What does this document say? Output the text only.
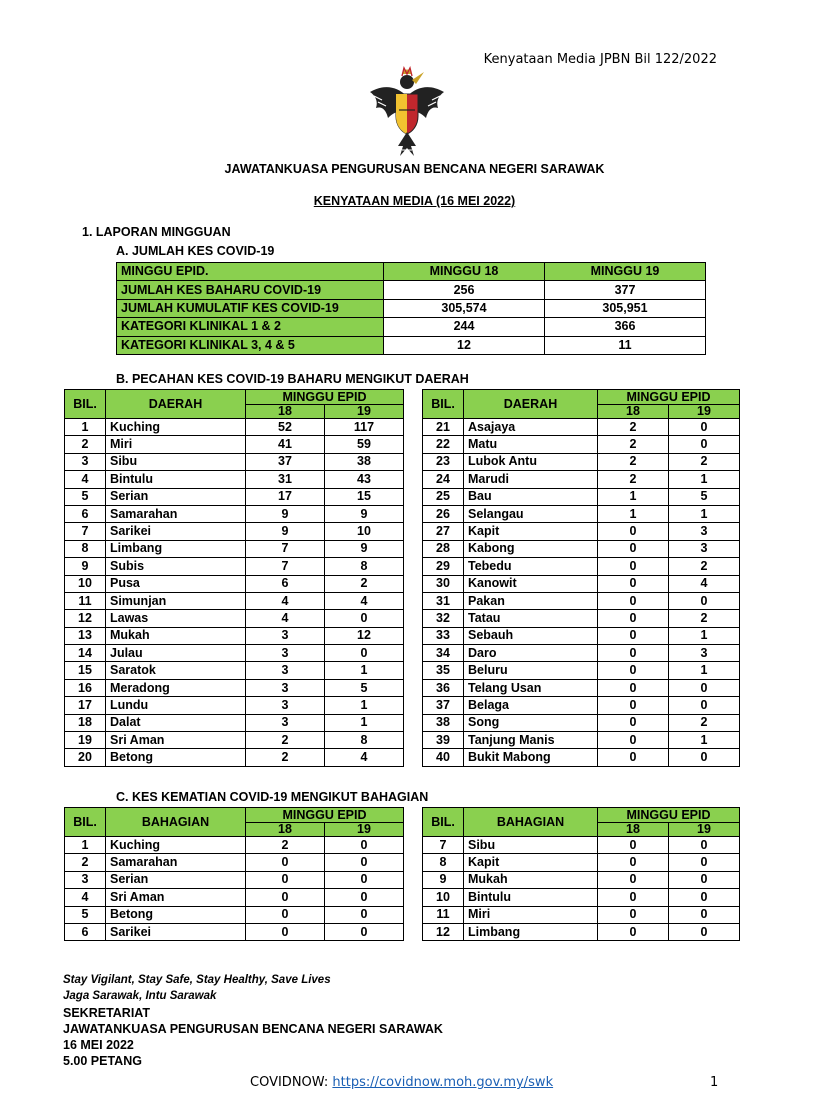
Kenyataan Media JPBN Bil 122/2022
JAWATANKUASA PENGURUSAN BENCANA NEGERI SARAWAK
KENYATAAN MEDIA (16 MEI 2022)
1. LAPORAN MINGGUAN
A. JUMLAH KES COVID-19
MINGGU EPID.	MINGGU 18	MINGGU 19
JUMLAH KES BAHARU COVID-19	256	377
JUMLAH KUMULATIF KES COVID-19	305,574	305,951
KATEGORI KLINIKAL 1 & 2	244	366
KATEGORI KLINIKAL 3, 4 & 5	12	11
B. PECAHAN KES COVID-19 BAHARU MENGIKUT DAERAH
BIL.	DAERAH	MINGGU EPID	
		18	19
1	Kuching	52	117
2	Miri	41	59
3	Sibu	37	38
4	Bintulu	31	43
5	Serian	17	15
6	Samarahan	9	9
7	Sarikei	9	10
8	Limbang	7	9
9	Subis	7	8
10	Pusa	6	2
11	Simunjan	4	4
12	Lawas	4	0
13	Mukah	3	12
14	Julau	3	0
15	Saratok	3	1
16	Meradong	3	5
17	Lundu	3	1
18	Dalat	3	1
19	Sri Aman	2	8
20	Betong	2	4
BIL.	DAERAH	MINGGU EPID	
		18	19
21	Asajaya	2	0
22	Matu	2	0
23	Lubok Antu	2	2
24	Marudi	2	1
25	Bau	1	5
26	Selangau	1	1
27	Kapit	0	3
28	Kabong	0	3
29	Tebedu	0	2
30	Kanowit	0	4
31	Pakan	0	0
32	Tatau	0	2
33	Sebauh	0	1
34	Daro	0	3
35	Beluru	0	1
36	Telang Usan	0	0
37	Belaga	0	0
38	Song	0	2
39	Tanjung Manis	0	1
40	Bukit Mabong	0	0
C. KES KEMATIAN COVID-19 MENGIKUT BAHAGIAN
BIL.	BAHAGIAN	MINGGU EPID	
		18	19
1	Kuching	2	0
2	Samarahan	0	0
3	Serian	0	0
4	Sri Aman	0	0
5	Betong	0	0
6	Sarikei	0	0
BIL.	BAHAGIAN	MINGGU EPID	
		18	19
7	Sibu	0	0
8	Kapit	0	0
9	Mukah	0	0
10	Bintulu	0	0
11	Miri	0	0
12	Limbang	0	0
Stay Vigilant, Stay Safe, Stay Healthy, Save Lives
Jaga Sarawak, Intu Sarawak
SEKRETARIAT
JAWATANKUASA PENGURUSAN BENCANA NEGERI SARAWAK
16 MEI 2022
5.00 PETANG
COVIDNOW: https://covidnow.moh.gov.my/swk	1
